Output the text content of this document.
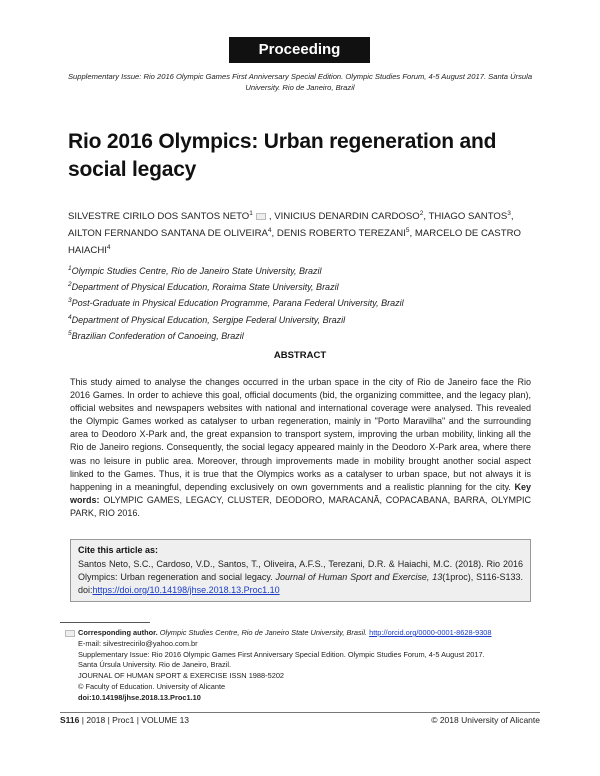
Proceeding
Supplementary Issue: Rio 2016 Olympic Games First Anniversary Special Edition. Olympic Studies Forum, 4-5 August 2017. Santa Úrsula University. Rio de Janeiro, Brazil
Rio 2016 Olympics: Urban regeneration and social legacy
SILVESTRE CIRILO DOS SANTOS NETO$^1$ , VINICIUS DENARDIN CARDOSO$^2$, THIAGO SANTOS$^3$, AILTON FERNANDO SANTANA DE OLIVEIRA$^4$, DENIS ROBERTO TEREZANI$^5$, MARCELO DE CASTRO HAIACHI$^4$
$^1$Olympic Studies Centre, Rio de Janeiro State University, Brazil
$^2$Department of Physical Education, Roraima State University, Brazil
$^3$Post-Graduate in Physical Education Programme, Parana Federal University, Brazil
$^4$Department of Physical Education, Sergipe Federal University, Brazil
$^5$Brazilian Confederation of Canoeing, Brazil
ABSTRACT

This study aimed to analyse the changes occurred in the urban space in the city of Rio de Janeiro face the Rio 2016 Games. In order to achieve this goal, official documents (bid, the organizing committee, and the legacy plan), official websites and newspapers websites with national and international coverage were analysed. This revealed the Olympic Games worked as catalyser to urban regeneration, mainly in "Porto Maravilha" and the surrounding area to Deodoro X-Park and, the great expansion to transport system, improving the urban mobility, linking all the Rio de Janeiro regions. Consequently, the social legacy appeared mainly in the Deodoro X-Park area, where there was no leisure in public area. Moreover, through improvements made in mobility brought another social aspect linked to the Games. Thus, it is true that the Olympics works as a catalyser to urban space, but not always it is happening in a meaningful, depending exclusively on own governments and a realistic planning for the city. Key words: OLYMPIC GAMES, LEGACY, CLUSTER, DEODORO, MARACANÃ, COPACABANA, BARRA, OLYMPIC PARK, RIO 2016.

Cite this article as:
Santos Neto, S.C., Cardoso, V.D., Santos, T., Oliveira, A.F.S., Terezani, D.R. & Haiachi, M.C. (2018). Rio 2016 Olympics: Urban regeneration and social legacy. Journal of Human Sport and Exercise, 13(1proc), S116-S133. doi:https://doi.org/10.14198/jhse.2018.13.Proc1.10
Corresponding author. Olympic Studies Centre, Rio de Janeiro State University, Brasil. http://orcid.org/0000-0001-8628-9308
E-mail: silvestrecirilo@yahoo.com.br
Supplementary Issue: Rio 2016 Olympic Games First Anniversary Special Edition. Olympic Studies Forum, 4-5 August 2017.
Santa Úrsula University. Rio de Janeiro, Brazil.
JOURNAL OF HUMAN SPORT & EXERCISE ISSN 1988-5202
© Faculty of Education. University of Alicante
doi:10.14198/jhse.2018.13.Proc1.10
S116 | 2018 | Proc1 | VOLUME 13	© 2018 University of Alicante
